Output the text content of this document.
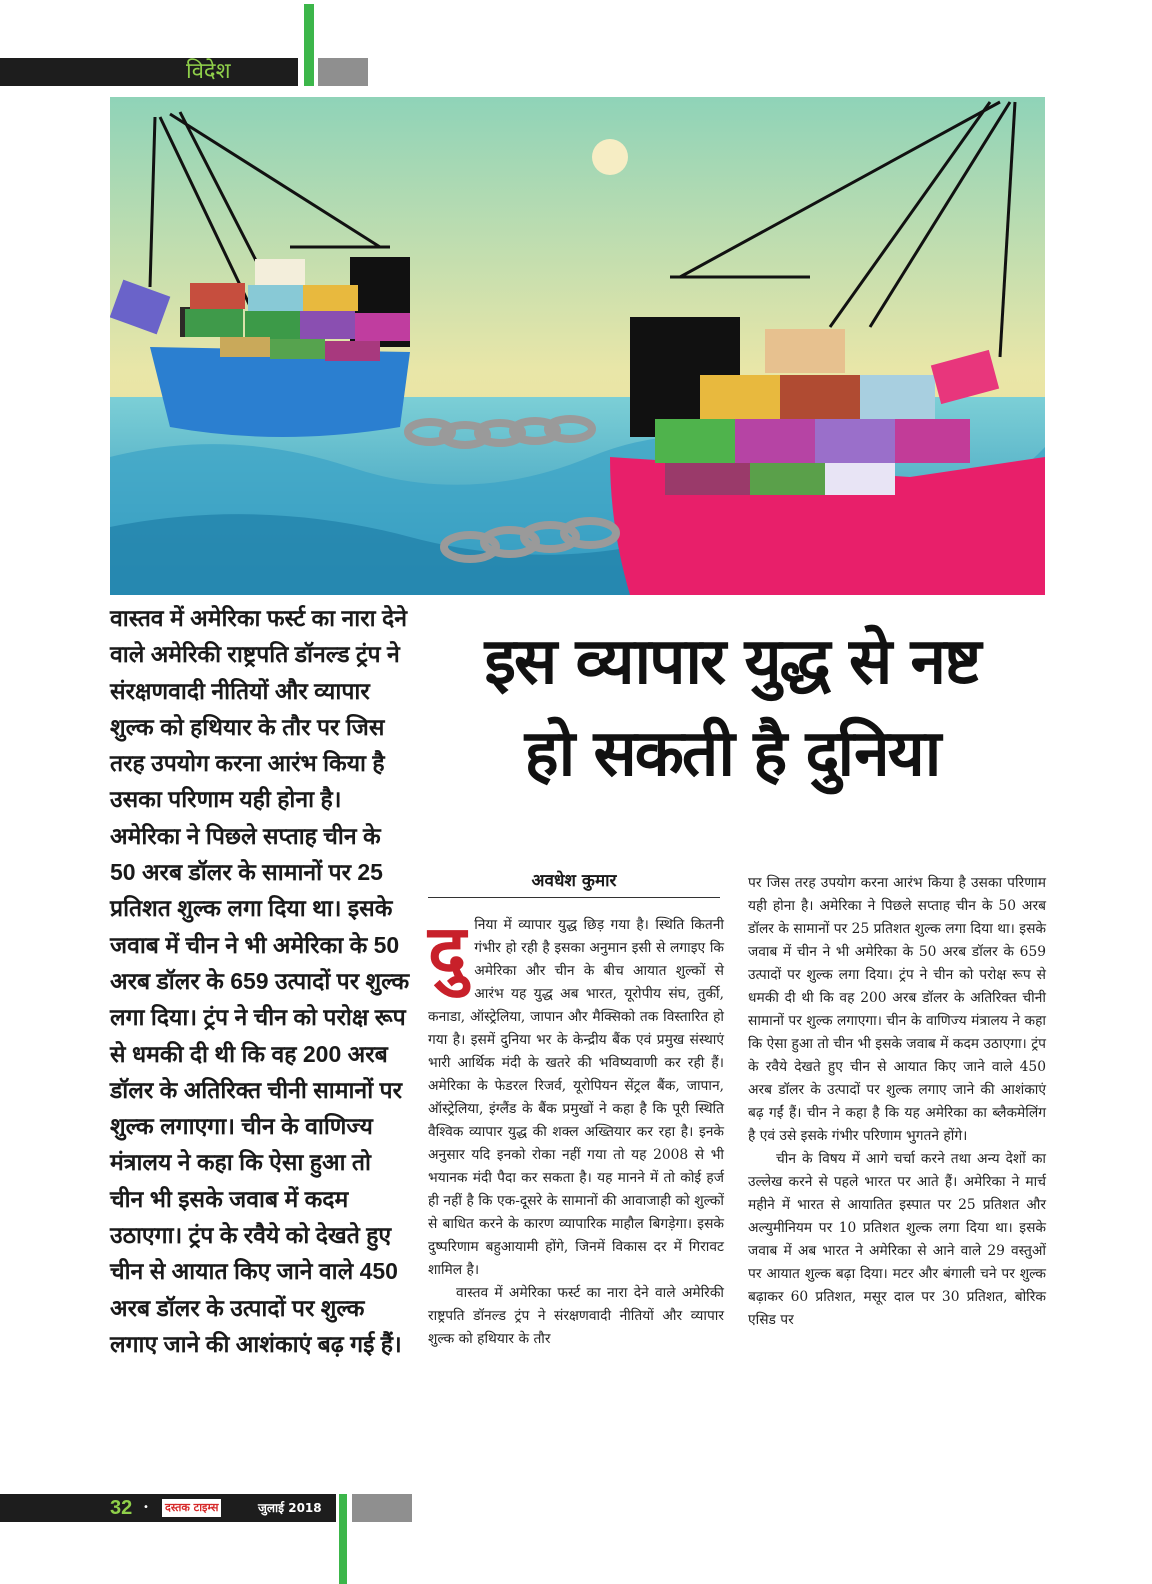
विदेश
वास्तव में अमेरिका फर्स्ट का नारा देने वाले अमेरिकी राष्ट्रपति डॉनल्ड ट्रंप ने संरक्षणवादी नीतियों और व्यापार शुल्क को हथियार के तौर पर जिस तरह उपयोग करना आरंभ किया है उसका परिणाम यही होना है। अमेरिका ने पिछले सप्ताह चीन के 50 अरब डॉलर के सामानों पर 25 प्रतिशत शुल्क लगा दिया था। इसके जवाब में चीन ने भी अमेरिका के 50 अरब डॉलर के 659 उत्पादों पर शुल्क लगा दिया। ट्रंप ने चीन को परोक्ष रूप से धमकी दी थी कि वह 200 अरब डॉलर के अतिरिक्त चीनी सामानों पर शुल्क लगाएगा। चीन के वाणिज्य मंत्रालय ने कहा कि ऐसा हुआ तो चीन भी इसके जवाब में कदम उठाएगा। ट्रंप के रवैये को देखते हुए चीन से आयात किए जाने वाले 450 अरब डॉलर के उत्पादों पर शुल्क लगाए जाने की आशंकाएं बढ़ गई हैं।
इस व्यापार युद्ध से नष्ट
हो सकती है दुनिया
अवधेश कुमार

दु निया में व्यापार युद्ध छिड़ गया है। स्थिति कितनी गंभीर हो रही है इसका अनुमान इसी से लगाइए कि अमेरिका और चीन के बीच आयात शुल्कों से आरंभ यह युद्ध अब भारत, यूरोपीय संघ, तुर्की, कनाडा, ऑस्ट्रेलिया, जापान और मैक्सिको तक विस्तारित हो गया है। इसमें दुनिया भर के केन्द्रीय बैंक एवं प्रमुख संस्थाएं भारी आर्थिक मंदी के खतरे की भविष्यवाणी कर रही हैं। अमेरिका के फेडरल रिजर्व, यूरोपियन सेंट्रल बैंक, जापान, ऑस्ट्रेलिया, इंग्लैंड के बैंक प्रमुखों ने कहा है कि पूरी स्थिति वैश्विक व्यापार युद्ध की शक्ल अख्तियार कर रहा है। इनके अनुसार यदि इनको रोका नहीं गया तो यह 2008 से भी भयानक मंदी पैदा कर सकता है। यह मानने में तो कोई हर्ज ही नहीं है कि एक-दूसरे के सामानों की आवाजाही को शुल्कों से बाधित करने के कारण व्यापारिक माहौल बिगड़ेगा। इसके दुष्परिणाम बहुआयामी होंगे, जिनमें विकास दर में गिरावट शामिल है।

वास्तव में अमेरिका फर्स्ट का नारा देने वाले अमेरिकी राष्ट्रपति डॉनल्ड ट्रंप ने संरक्षणवादी नीतियों और व्यापार शुल्क को हथियार के तौर

पर जिस तरह उपयोग करना आरंभ किया है उसका परिणाम यही होना है। अमेरिका ने पिछले सप्ताह चीन के 50 अरब डॉलर के सामानों पर 25 प्रतिशत शुल्क लगा दिया था। इसके जवाब में चीन ने भी अमेरिका के 50 अरब डॉलर के 659 उत्पादों पर शुल्क लगा दिया। ट्रंप ने चीन को परोक्ष रूप से धमकी दी थी कि वह 200 अरब डॉलर के अतिरिक्त चीनी सामानों पर शुल्क लगाएगा। चीन के वाणिज्य मंत्रालय ने कहा कि ऐसा हुआ तो चीन भी इसके जवाब में कदम उठाएगा। ट्रंप के रवैये देखते हुए चीन से आयात किए जाने वाले 450 अरब डॉलर के उत्पादों पर शुल्क लगाए जाने की आशंकाएं बढ़ गईं हैं। चीन ने कहा है कि यह अमेरिका का ब्लैकमेलिंग है एवं उसे इसके गंभीर परिणाम भुगतने होंगे।

चीन के विषय में आगे चर्चा करने तथा अन्य देशों का उल्लेख करने से पहले भारत पर आते हैं। अमेरिका ने मार्च महीने में भारत से आयातित इस्पात पर 25 प्रतिशत और अल्युमीनियम पर 10 प्रतिशत शुल्क लगा दिया था। इसके जवाब में अब भारत ने अमेरिका से आने वाले 29 वस्तुओं पर आयात शुल्क बढ़ा दिया। मटर और बंगाली चने पर शुल्क बढ़ाकर 60 प्रतिशत, मसूर दाल पर 30 प्रतिशत, बोरिक एसिड पर

32 • दस्तक टाइम्स	जुलाई 2018
